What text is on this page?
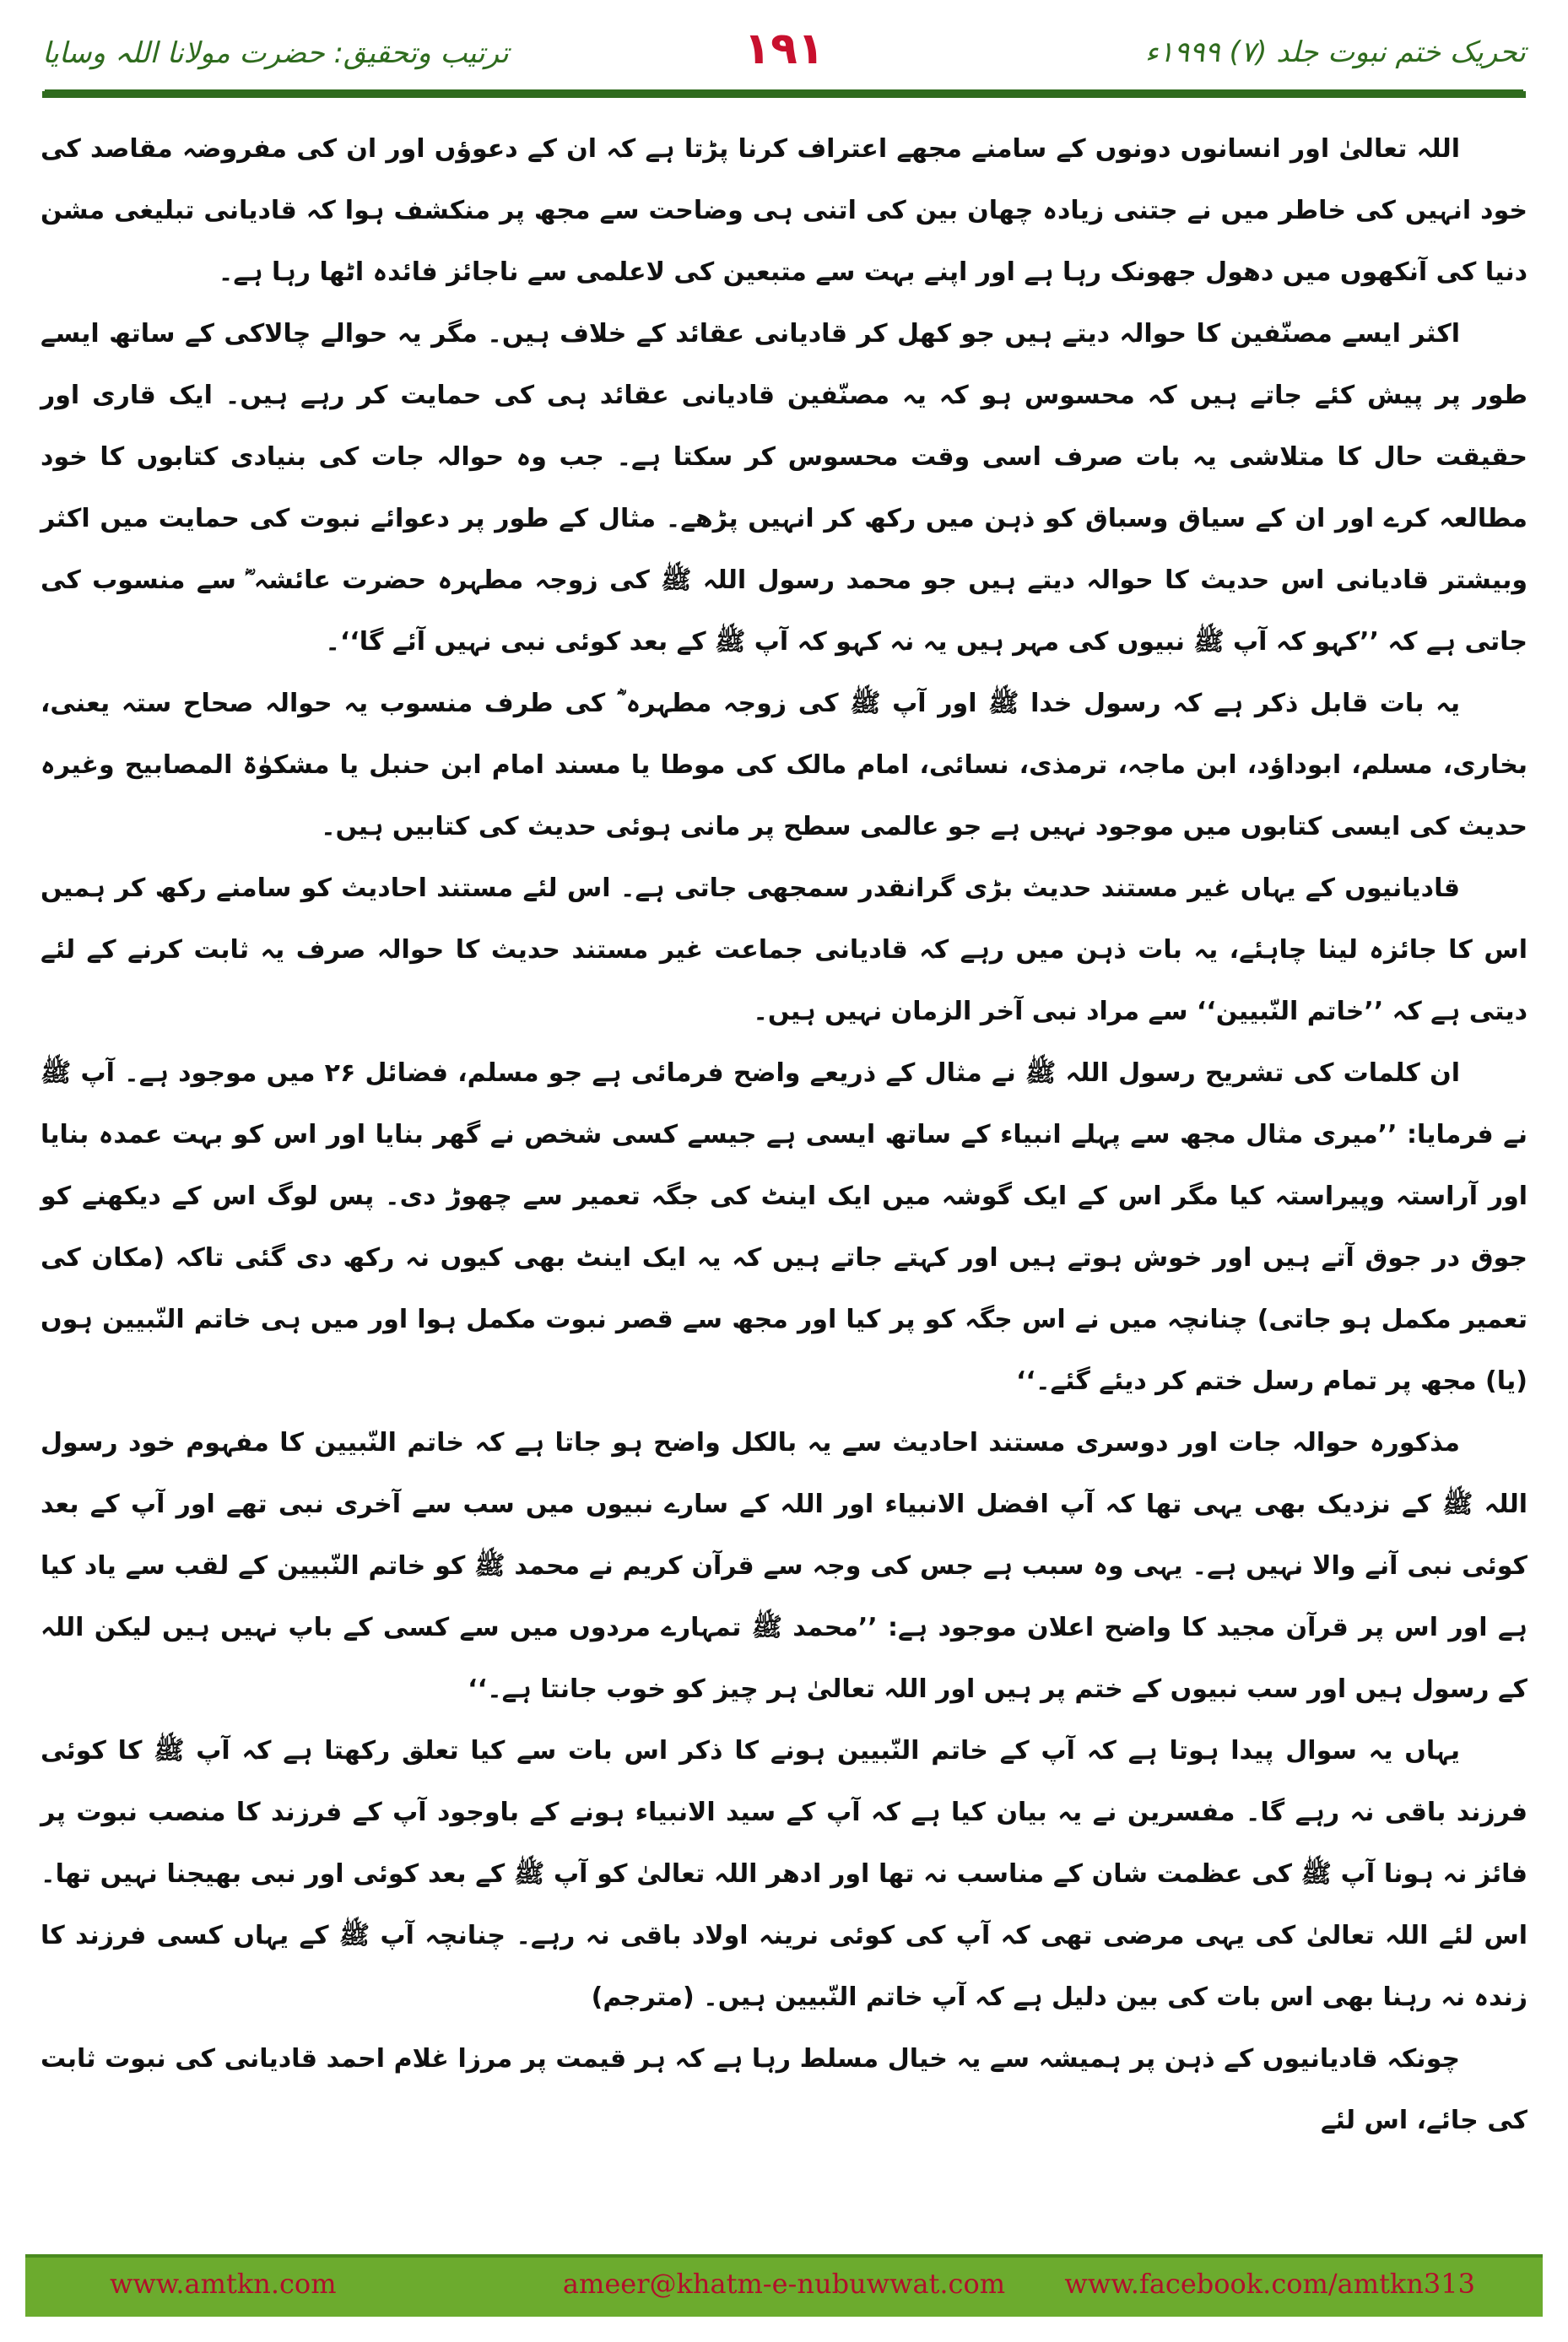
تحریک ختم نبوت جلد (۷) ۱۹۹۹ء
۱۹۱
ترتیب وتحقیق: حضرت مولانا اللہ وسایا

اللہ تعالیٰ اور انسانوں دونوں کے سامنے مجھے اعتراف کرنا پڑتا ہے کہ ان کے دعوؤں اور ان کی مفروضہ مقاصد کی خود انہیں کی خاطر میں نے جتنی زیادہ چھان بین کی اتنی ہی وضاحت سے مجھ پر منکشف ہوا کہ قادیانی تبلیغی مشن دنیا کی آنکھوں میں دھول جھونک رہا ہے اور اپنے بہت سے متبعین کی لاعلمی سے ناجائز فائدہ اٹھا رہا ہے۔

اکثر ایسے مصنّفین کا حوالہ دیتے ہیں جو کھل کر قادیانی عقائد کے خلاف ہیں۔ مگر یہ حوالے چالاکی کے ساتھ ایسے طور پر پیش کئے جاتے ہیں کہ محسوس ہو کہ یہ مصنّفین قادیانی عقائد ہی کی حمایت کر رہے ہیں۔ ایک قاری اور حقیقت حال کا متلاشی یہ بات صرف اسی وقت محسوس کر سکتا ہے۔ جب وہ حوالہ جات کی بنیادی کتابوں کا خود مطالعہ کرے اور ان کے سیاق وسباق کو ذہن میں رکھ کر انہیں پڑھے۔ مثال کے طور پر دعوائے نبوت کی حمایت میں اکثر وبیشتر قادیانی اس حدیث کا حوالہ دیتے ہیں جو محمد رسول اللہ ﷺ کی زوجہ مطہرہ حضرت عائشہ ؓ سے منسوب کی جاتی ہے کہ ’’کہو کہ آپ ﷺ نبیوں کی مہر ہیں یہ نہ کہو کہ آپ ﷺ کے بعد کوئی نبی نہیں آئے گا‘‘۔

یہ بات قابل ذکر ہے کہ رسول خدا ﷺ اور آپ ﷺ کی زوجہ مطہرہ ؓ کی طرف منسوب یہ حوالہ صحاح ستہ یعنی، بخاری، مسلم، ابوداؤد، ابن ماجہ، ترمذی، نسائی، امام مالک کی موطا یا مسند امام ابن حنبل یا مشکوٰۃ المصابیح وغیرہ حدیث کی ایسی کتابوں میں موجود نہیں ہے جو عالمی سطح پر مانی ہوئی حدیث کی کتابیں ہیں۔

قادیانیوں کے یہاں غیر مستند حدیث بڑی گرانقدر سمجھی جاتی ہے۔ اس لئے مستند احادیث کو سامنے رکھ کر ہمیں اس کا جائزہ لینا چاہئے، یہ بات ذہن میں رہے کہ قادیانی جماعت غیر مستند حدیث کا حوالہ صرف یہ ثابت کرنے کے لئے دیتی ہے کہ ’’خاتم النّبیین‘‘ سے مراد نبی آخر الزمان نہیں ہیں۔

ان کلمات کی تشریح رسول اللہ ﷺ نے مثال کے ذریعے واضح فرمائی ہے جو مسلم، فضائل ۲۶ میں موجود ہے۔ آپ ﷺ نے فرمایا: ’’میری مثال مجھ سے پہلے انبیاء کے ساتھ ایسی ہے جیسے کسی شخص نے گھر بنایا اور اس کو بہت عمدہ بنایا اور آراستہ وپیراستہ کیا مگر اس کے ایک گوشہ میں ایک اینٹ کی جگہ تعمیر سے چھوڑ دی۔ پس لوگ اس کے دیکھنے کو جوق در جوق آتے ہیں اور خوش ہوتے ہیں اور کہتے جاتے ہیں کہ یہ ایک اینٹ بھی کیوں نہ رکھ دی گئی تاکہ (مکان کی تعمیر مکمل ہو جاتی) چنانچہ میں نے اس جگہ کو پر کیا اور مجھ سے قصر نبوت مکمل ہوا اور میں ہی خاتم النّبیین ہوں (یا) مجھ پر تمام رسل ختم کر دیئے گئے۔‘‘

مذکورہ حوالہ جات اور دوسری مستند احادیث سے یہ بالکل واضح ہو جاتا ہے کہ خاتم النّبیین کا مفہوم خود رسول اللہ ﷺ کے نزدیک بھی یہی تھا کہ آپ افضل الانبیاء اور اللہ کے سارے نبیوں میں سب سے آخری نبی تھے اور آپ کے بعد کوئی نبی آنے والا نہیں ہے۔ یہی وہ سبب ہے جس کی وجہ سے قرآن کریم نے محمد ﷺ کو خاتم النّبیین کے لقب سے یاد کیا ہے اور اس پر قرآن مجید کا واضح اعلان موجود ہے: ’’محمد ﷺ تمہارے مردوں میں سے کسی کے باپ نہیں ہیں لیکن اللہ کے رسول ہیں اور سب نبیوں کے ختم پر ہیں اور اللہ تعالیٰ ہر چیز کو خوب جانتا ہے۔‘‘

یہاں یہ سوال پیدا ہوتا ہے کہ آپ کے خاتم النّبیین ہونے کا ذکر اس بات سے کیا تعلق رکھتا ہے کہ آپ ﷺ کا کوئی فرزند باقی نہ رہے گا۔ مفسرین نے یہ بیان کیا ہے کہ آپ کے سید الانبیاء ہونے کے باوجود آپ کے فرزند کا منصب نبوت پر فائز نہ ہونا آپ ﷺ کی عظمت شان کے مناسب نہ تھا اور ادھر اللہ تعالیٰ کو آپ ﷺ کے بعد کوئی اور نبی بھیجنا نہیں تھا۔ اس لئے اللہ تعالیٰ کی یہی مرضی تھی کہ آپ کی کوئی نرینہ اولاد باقی نہ رہے۔ چنانچہ آپ ﷺ کے یہاں کسی فرزند کا زندہ نہ رہنا بھی اس بات کی بین دلیل ہے کہ آپ خاتم النّبیین ہیں۔ (مترجم)

چونکہ قادیانیوں کے ذہن پر ہمیشہ سے یہ خیال مسلط رہا ہے کہ ہر قیمت پر مرزا غلام احمد قادیانی کی نبوت ثابت کی جائے، اس لئے

www.amtkn.com	ameer@khatm-e-nubuwwat.com www.facebook.com/amtkn313
